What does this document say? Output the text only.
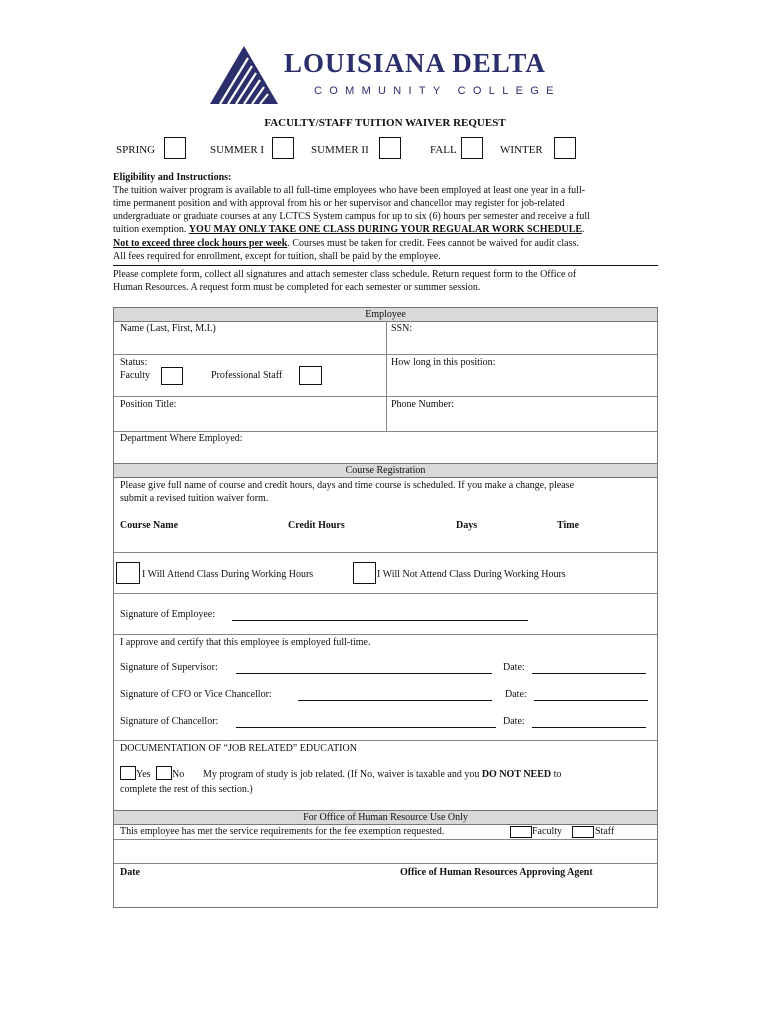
LOUISIANA DELTA
COMMUNITY COLLEGE
FACULTY/STAFF TUITION WAIVER REQUEST
SPRING	SUMMER I	SUMMER II	FALL	WINTER
Eligibility and Instructions:
The tuition waiver program is available to all full-time employees who have been employed at least one year in a full-
time permanent position and with approval from his or her supervisor and chancellor may register for job-related
undergraduate or graduate courses at any LCTCS System campus for up to six (6) hours per semester and receive a full
tuition exemption. YOU MAY ONLY TAKE ONE CLASS DURING YOUR REGUALAR WORK SCHEDULE.
Not to exceed three clock hours per week. Courses must be taken for credit. Fees cannot be waived for audit class.
All fees required for enrollment, except for tuition, shall be paid by the employee.
Please complete form, collect all signatures and attach semester class schedule. Return request form to the Office of
Human Resources. A request form must be completed for each semester or summer session.
Employee
Name (Last, First, M.I.)	SSN:
Status:
Faculty	Professional Staff
How long in this position:
Position Title:	Phone Number:
Department Where Employed:
Course Registration
Please give full name of course and credit hours, days and time course is scheduled. If you make a change, please
submit a revised tuition waiver form.
Course Name	Credit Hours	Days	Time
I Will Attend Class During Working Hours	I Will Not Attend Class During Working Hours
Signature of Employee:
I approve and certify that this employee is employed full-time.
Signature of Supervisor:	Date:
Signature of CFO or Vice Chancellor:	Date:
Signature of Chancellor:	Date:
DOCUMENTATION OF “JOB RELATED” EDUCATION
Yes No My program of study is job related. (If No, waiver is taxable and you DO NOT NEED to
complete the rest of this section.)
For Office of Human Resource Use Only
This employee has met the service requirements for the fee exemption requested.	Faculty	Staff
Date	Office of Human Resources Approving Agent
